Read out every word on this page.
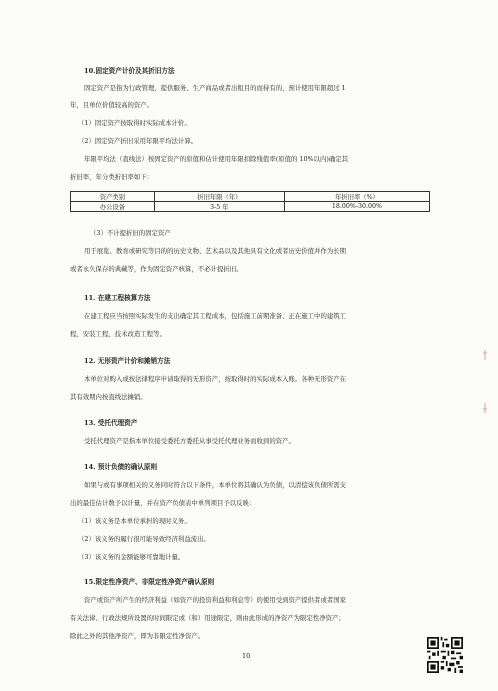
10.固定资产计价及其折旧方法
固定资产是指为行政管理、提供服务、生产商品或者出租目的而持有的，预计使用年限超过 1
年，且单位价值较高的资产。
（1）固定资产按取得时实际成本计价。
（2）固定资产折旧采用年限平均法计算。
年限平均法（直线法）按固定资产的原值和估计使用年限扣除残值率(原值的 10%以内)确定其
折旧率，年分类折旧率如下：
资产类别	折旧年限（年）	年折旧率（%）
办公设备	3-5 年	18.00%-30.00%
（3）不计提折旧的固定资产
用于展览、教育或研究等目的的历史文物、艺术品以及其他具有文化或者历史价值并作为长期
或者永久保存的典藏等，作为固定资产核算，不必计提折旧。
11. 在建工程核算方法
在建工程应当按照实际发生的支出确定其工程成本，包括施工前期准备、正在施工中的建筑工
程、安装工程、技术改造工程等。
12. 无形资产计价和摊销方法
本单位对购入或按法律程序申请取得的无形资产，按取得时的实际成本入账。各种无形资产在
其有效期内按直线法摊销。
13. 受托代理资产
受托代理资产是指本单位接受委托方委托从事受托代理业务而收到的资产。
14. 预计负债的确认原则
如果与或有事项相关的义务同时符合以下条件，本单位将其确认为负债，以清偿该负债所需支
出的最佳估计数予以计量，并在资产负债表中单列项目予以反映：
（1）该义务是本单位承担的现时义务。
（2）该义务的履行很可能导致经济利益流出。
（3）该义务的金额能够可靠地计量。
15.限定性净资产、非限定性净资产确认原则
资产或资产所产生的经济利益（如资产的投资利益和利息等）的使用受到资产提供者或者国家
有关法律、行政法规所设置的时间限定或（和）用途限定，则由此形成的净资产为限定性净资产；
除此之外的其他净资产，即为非限定性净资产。
10
